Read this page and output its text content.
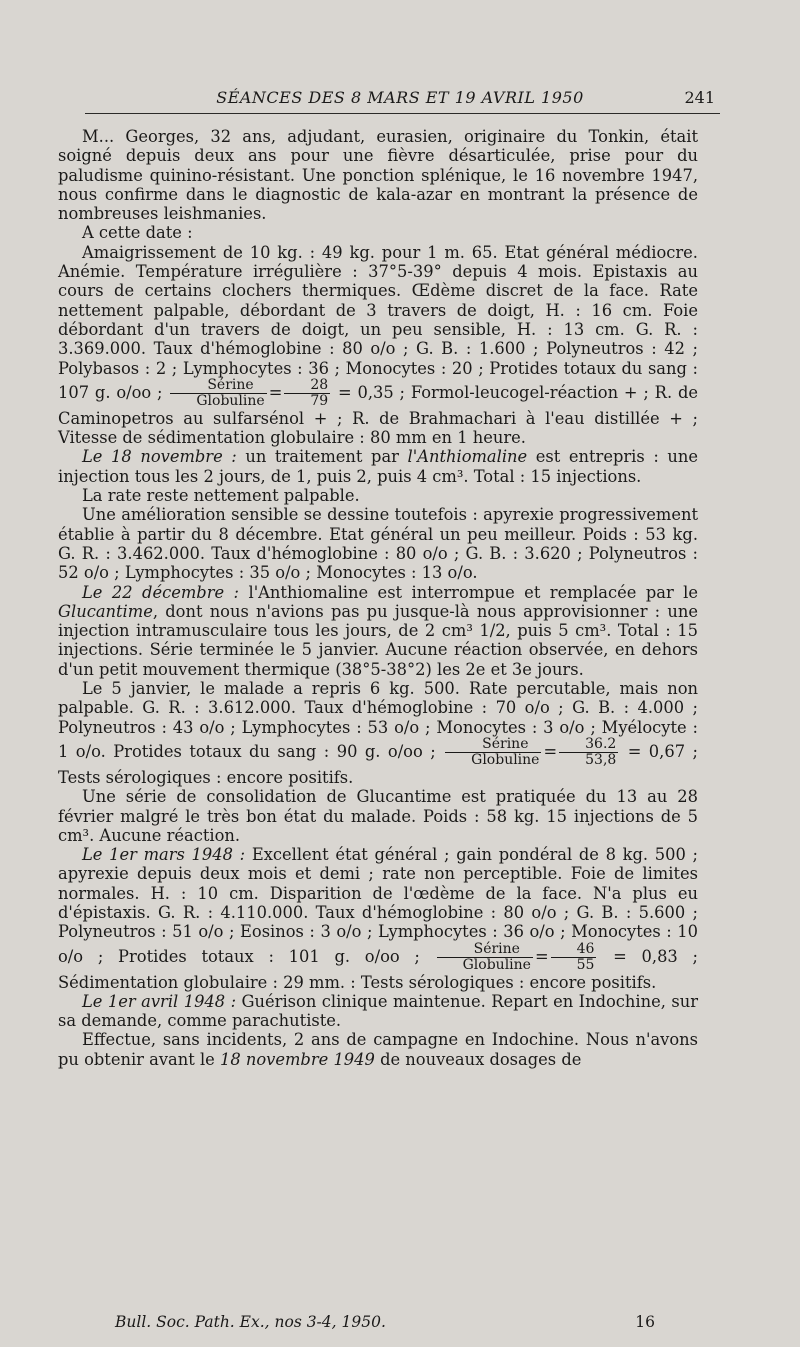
SÉANCES DES 8 MARS ET 19 AVRIL 1950	241

M... Georges, 32 ans, adjudant, eurasien, originaire du Tonkin, était soigné depuis deux ans pour une fièvre désarticulée, prise pour du paludisme quinino-résistant. Une ponction splénique, le 16 novembre 1947, nous confirme dans le diagnostic de kala-azar en montrant la présence de nombreuses leishmanies.

A cette date :

Amaigrissement de 10 kg. : 49 kg. pour 1 m. 65. Etat général médiocre. Anémie. Température irrégulière : 37°5-39° depuis 4 mois. Epistaxis au cours de certains clochers thermiques. Œdème discret de la face. Rate nettement palpable, débordant de 3 travers de doigt, H. : 16 cm. Foie débordant d'un travers de doigt, un peu sensible, H. : 13 cm. G. R. : 3.369.000. Taux d'hémoglobine : 80 o/o ; G. B. : 1.600 ; Polyneutros : 42 ; Polybasos : 2 ; Lymphocytes : 36 ; Monocytes : 20 ; Protides totaux du sang : 107 g. o/oo ; $\frac{\text{Sérine}}{\text{Globuline}} = \frac{28}{79} = 0,35$ ; Formol-leucogel-réaction + ; R. de Caminopetros au sulfarsénol + ; R. de Brahmachari à l'eau distillée + ; Vitesse de sédimentation globulaire : 80 mm en 1 heure.

Le 18 novembre : un traitement par l'Anthiomaline est entrepris : une injection tous les 2 jours, de 1, puis 2, puis 4 cm³. Total : 15 injections.

La rate reste nettement palpable.

Une amélioration sensible se dessine toutefois : apyrexie progressivement établie à partir du 8 décembre. Etat général un peu meilleur. Poids : 53 kg. G. R. : 3.462.000. Taux d'hémoglobine : 80 o/o ; G. B. : 3.620 ; Polyneutros : 52 o/o ; Lymphocytes : 35 o/o ; Monocytes : 13 o/o.

Le 22 décembre : l'Anthiomaline est interrompue et remplacée par le Glucantime, dont nous n'avions pas pu jusque-là nous approvisionner : une injection intramusculaire tous les jours, de 2 cm³ 1/2, puis 5 cm³. Total : 15 injections. Série terminée le 5 janvier. Aucune réaction observée, en dehors d'un petit mouvement thermique (38°5-38°2) les 2e et 3e jours.

Le 5 janvier, le malade a repris 6 kg. 500. Rate percutable, mais non palpable. G. R. : 3.612.000. Taux d'hémoglobine : 70 o/o ; G. B. : 4.000 ; Polyneutros : 43 o/o ; Lymphocytes : 53 o/o ; Monocytes : 3 o/o ; Myélocyte : 1 o/o. Protides totaux du sang : 90 g. o/oo ; $\frac{\text{Sérine}}{\text{Globuline}} = \frac{36.2}{53,8} = 0,67$ ; Tests sérologiques : encore positifs.

Une série de consolidation de Glucantime est pratiquée du 13 au 28 février malgré le très bon état du malade. Poids : 58 kg. 15 injections de 5 cm³. Aucune réaction.

Le 1er mars 1948 : Excellent état général ; gain pondéral de 8 kg. 500 ; apyrexie depuis deux mois et demi ; rate non perceptible. Foie de limites normales. H. : 10 cm. Disparition de l'œdème de la face. N'a plus eu d'épistaxis. G. R. : 4.110.000. Taux d'hémoglobine : 80 o/o ; G. B. : 5.600 ; Polyneutros : 51 o/o ; Eosinos : 3 o/o ; Lymphocytes : 36 o/o ; Monocytes : 10 o/o ; Protides totaux : 101 g. o/oo ; $\frac{\text{Sérine}}{\text{Globuline}} = \frac{46}{55} = 0,83$ ; Sédimentation globulaire : 29 mm. : Tests sérologiques : encore positifs.

Le 1er avril 1948 : Guérison clinique maintenue. Repart en Indochine, sur sa demande, comme parachutiste.

Effectue, sans incidents, 2 ans de campagne en Indochine. Nous n'avons pu obtenir avant le 18 novembre 1949 de nouveaux dosages de

Bull. Soc. Path. Ex., nos 3-4, 1950.	16
